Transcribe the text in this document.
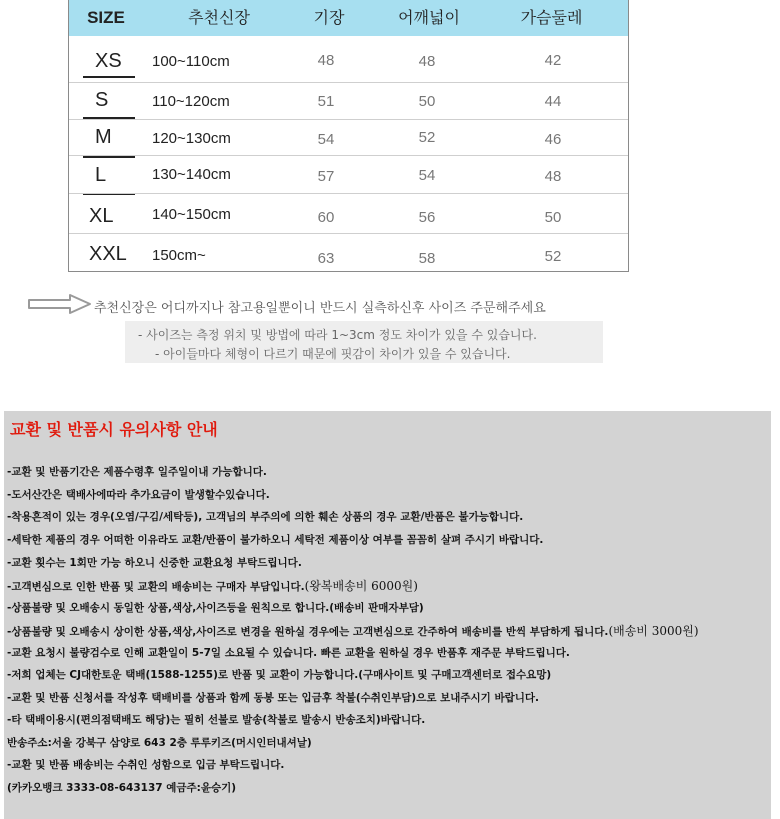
SIZE	추천신장	기장	어깨넓이	가슴둘레
XS 100~110cm	48	48	42
S	110~120cm	51	50	44
M	120~130cm	54	52	46
L	130~140cm	57	54	48
XL	140~150cm	60	56	50
XXL 150cm~	63	58	52
추천신장은 어디까지나 참고용일뿐이니 반드시 실측하신후 사이즈 주문해주세요
- 사이즈는 측정 위치 및 방법에 따라 1~3cm 정도 차이가 있을 수 있습니다.
- 아이들마다 체형이 다르기 때문에 핏감이 차이가 있을 수 있습니다.
교환 및 반품시 유의사항 안내
-교환 및 반품기간은 제품수령후 일주일이내 가능합니다.
-도서산간은 택배사에따라 추가요금이 발생할수있습니다.
-착용흔적이 있는 경우(오염/구김/세탁등), 고객님의 부주의에 의한 훼손 상품의 경우 교환/반품은 불가능합니다.
-세탁한 제품의 경우 어떠한 이유라도 교환/반품이 불가하오니 세탁전 제품이상 여부를 꼼꼼히 살펴 주시기 바랍니다.
-교환 횟수는 1회만 가능 하오니 신중한 교환요청 부탁드립니다.
-고객변심으로 인한 반품 및 교환의 배송비는 구매자 부담입니다.(왕복배송비 6000원)
-상품불량 및 오배송시 동일한 상품,색상,사이즈등을 원칙으로 합니다.(배송비 판매자부담)
-상품불량 및 오배송시 상이한 상품,색상,사이즈로 변경을 원하실 경우에는 고객변심으로 간주하여 배송비를 반씩 부담하게 됩니다.(배송비 3000원)
-교환 요청시 불량검수로 인해 교환일이 5-7일 소요될 수 있습니다. 빠른 교환을 원하실 경우 반품후 재주문 부탁드립니다.
-저희 업체는 CJ대한토운 택배(1588-1255)로 반품 및 교환이 가능합니다.(구매사이트 및 구매고객센터로 접수요망)
-교환 및 반품 신청서를 작성후 택배비를 상품과 함께 동봉 또는 입금후 착불(수취인부담)으로 보내주시기 바랍니다.
-타 택배이용시(편의점택배도 해당)는 필히 선불로 발송(착불로 발송시 반송조치)바랍니다.
반송주소:서울 강북구 삼양로 643 2층 루루키즈(머시인터내셔날)
-교환 및 반품 배송비는 수취인 성함으로 입금 부탁드립니다.
(카카오뱅크 3333-08-643137 예금주:윤승기)
